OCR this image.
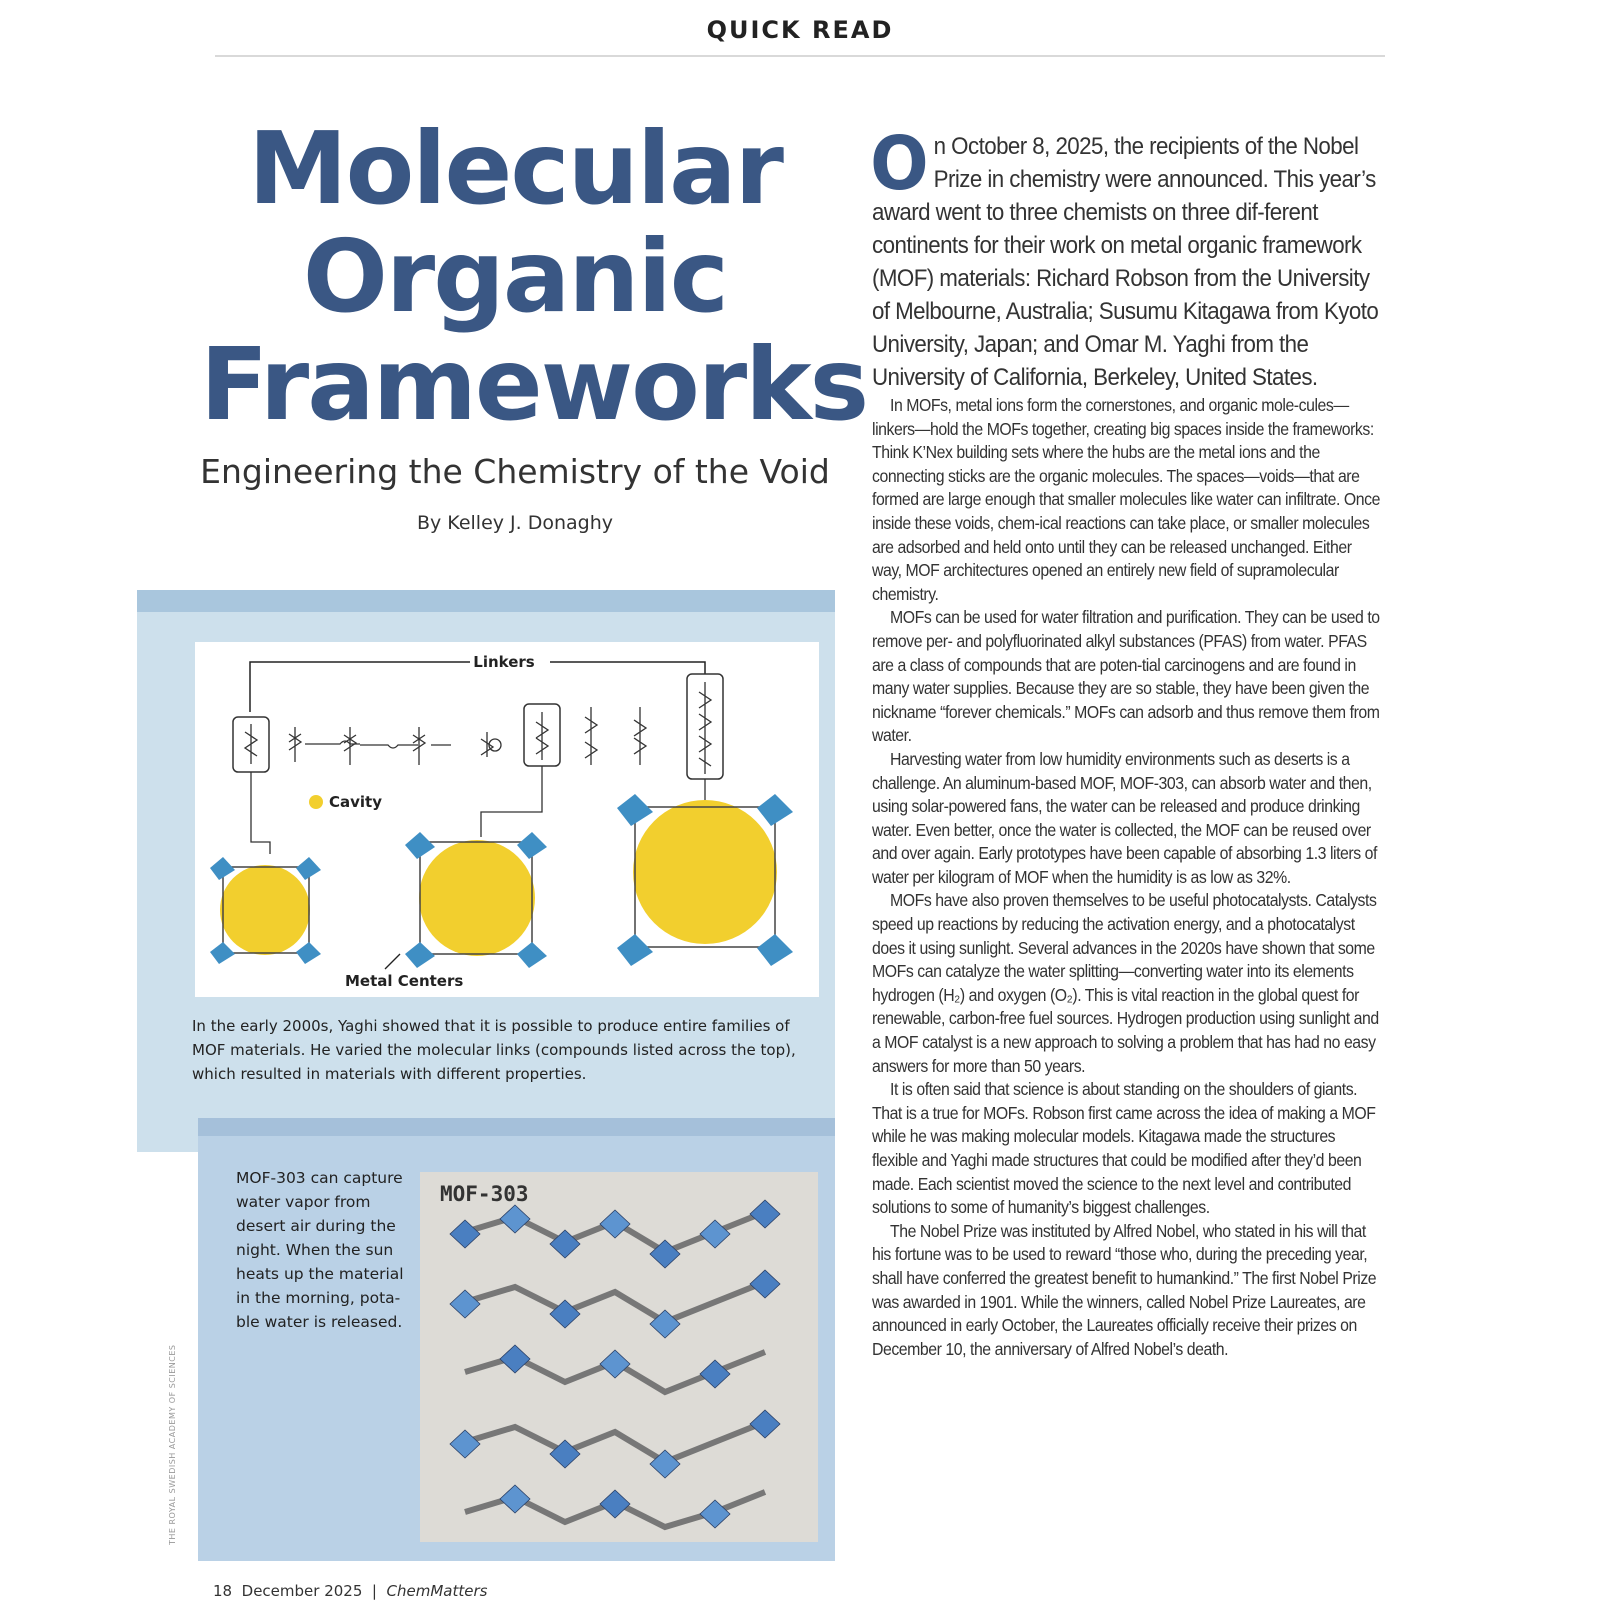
QUICK READ
Molecular
Organic
Frameworks
Engineering the Chemistry of the Void
By Kelley J. Donaghy
Linkers
Cavity
Metal Centers
In the early 2000s, Yaghi showed that it is possible to produce entire families of MOF materials. He varied the molecular links (compounds listed across the top), which resulted in materials with different properties.
MOF-303 can capture water vapor from desert air during the night. When the sun heats up the material in the morning, pota-ble water is released.
MOF-303
THE ROYAL SWEDISH ACADEMY OF SCIENCES
18 December 2025 | ChemMatters

On October 8, 2025, the recipients of the Nobel Prize in chemistry were announced. This year’s award went to three chemists on three dif-ferent continents for their work on metal organic framework (MOF) materials: Richard Robson from the University of Melbourne, Australia; Susumu Kitagawa from Kyoto University, Japan; and Omar M. Yaghi from the University of California, Berkeley, United States.

In MOFs, metal ions form the cornerstones, and organic mole-cules—linkers—hold the MOFs together, creating big spaces inside the frameworks: Think K’Nex building sets where the hubs are the metal ions and the connecting sticks are the organic molecules. The spaces—voids—that are formed are large enough that smaller molecules like water can infiltrate. Once inside these voids, chem-ical reactions can take place, or smaller molecules are adsorbed and held onto until they can be released unchanged. Either way, MOF architectures opened an entirely new field of supramolecular chemistry.

MOFs can be used for water filtration and purification. They can be used to remove per- and polyfluorinated alkyl substances (PFAS) from water. PFAS are a class of compounds that are poten-tial carcinogens and are found in many water supplies. Because they are so stable, they have been given the nickname “forever chemicals.” MOFs can adsorb and thus remove them from water.

Harvesting water from low humidity environments such as deserts is a challenge. An aluminum-based MOF, MOF-303, can absorb water and then, using solar-powered fans, the water can be released and produce drinking water. Even better, once the water is collected, the MOF can be reused over and over again. Early prototypes have been capable of absorbing 1.3 liters of water per kilogram of MOF when the humidity is as low as 32%.

MOFs have also proven themselves to be useful photocatalysts. Catalysts speed up reactions by reducing the activation energy, and a photocatalyst does it using sunlight. Several advances in the 2020s have shown that some MOFs can catalyze the water splitting—converting water into its elements hydrogen (H₂) and oxygen (O₂). This is vital reaction in the global quest for renewable, carbon-free fuel sources. Hydrogen production using sunlight and a MOF catalyst is a new approach to solving a problem that has had no easy answers for more than 50 years.

It is often said that science is about standing on the shoulders of giants. That is a true for MOFs. Robson first came across the idea of making a MOF while he was making molecular models. Kitagawa made the structures flexible and Yaghi made structures that could be modified after they’d been made. Each scientist moved the science to the next level and contributed solutions to some of humanity’s biggest challenges.

The Nobel Prize was instituted by Alfred Nobel, who stated in his will that his fortune was to be used to reward “those who, during the preceding year, shall have conferred the greatest benefit to humankind.” The first Nobel Prize was awarded in 1901. While the winners, called Nobel Prize Laureates, are announced in early October, the Laureates officially receive their prizes on December 10, the anniversary of Alfred Nobel’s death.
